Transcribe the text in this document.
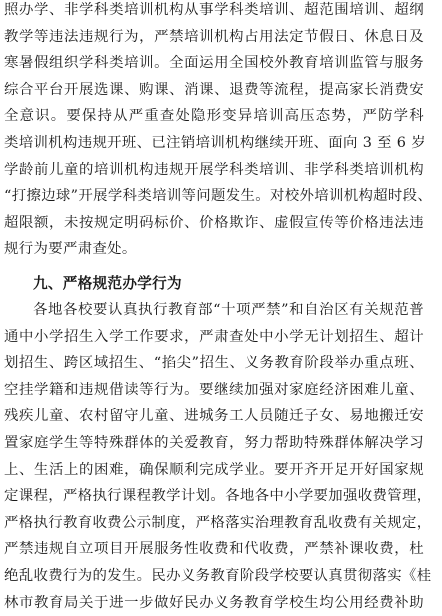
照办学、非学科类培训机构从事学科类培训、超范围培训、超纲
教学等违法违规行为，严禁培训机构占用法定节假日、休息日及
寒暑假组织学科类培训。全面运用全国校外教育培训监管与服务
综合平台开展选课、购课、消课、退费等流程，提高家长消费安
全意识。要保持从严重查处隐形变异培训高压态势，严防学科
类培训机构违规开班、已注销培训机构继续开班、面向 3 至 6 岁
学龄前儿童的培训机构违规开展学科类培训、非学科类培训机构
“打擦边球”开展学科类培训等问题发生。对校外培训机构超时段、
超限额，未按规定明码标价、价格欺诈、虚假宣传等价格违法违
规行为要严肃查处。
九、严格规范办学行为
各地各校要认真执行教育部“十项严禁”和自治区有关规范普
通中小学招生入学工作要求，严肃查处中小学无计划招生、超计
划招生、跨区域招生、“掐尖”招生、义务教育阶段举办重点班、
空挂学籍和违规借读等行为。要继续加强对家庭经济困难儿童、
残疾儿童、农村留守儿童、进城务工人员随迁子女、易地搬迁安
置家庭学生等特殊群体的关爱教育，努力帮助特殊群体解决学习
上、生活上的困难，确保顺利完成学业。要开齐开足开好国家规
定课程，严格执行课程教学计划。各地各中小学要加强收费管理，
严格执行教育收费公示制度，严格落实治理教育乱收费有关规定，
严禁违规自立项目开展服务性收费和代收费，严禁补课收费，杜
绝乱收费行为的发生。民办义务教育阶段学校要认真贯彻落实《桂
林市教育局关于进一步做好民办义务教育学校生均公用经费补助
